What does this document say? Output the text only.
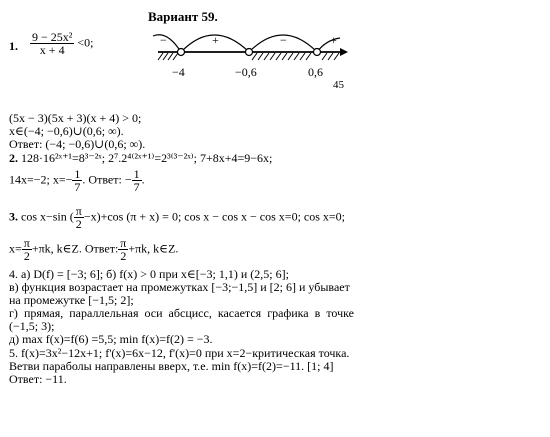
Вариант 59.
1. $\frac{\text{9 − 25x²}}{x + 4} <0$;	−	+	−	+
−4	−0,6	0,6
45
(5x − 3)(5x + 3)(x + 4) > 0;
x∈(−4; −0,6)∪(0,6; ∞).
Ответ: (−4; −0,6)∪(0,6; ∞).
2. 128·16²ˣ⁺¹=8³⁻²ˣ; 2⁷.2⁴⁽²ˣ⁺¹⁾=2³⁽³⁻²ˣ⁾; 7+8x+4=9−6x;
14x=−2; $x=- \frac{1}{7}$ . Ответ: − $\frac{1}{7}$ .
3. cos x−sin ( $\frac{\pi}{2} -x)+\cos$ (π + x) = 0; cos x − cos x − cos x=0; cos x=0;
$x= \frac{\pi}{2} +\pi k$, k∈Z. Ответ: $\frac{\pi}{2} +\pi k$, k∈Z.
4. а) D(f) = [−3; 6]; б) f(x) > 0 при x∈[−3; 1,1) и (2,5; 6];
в) функция возрастает на промежутках [−3;−1,5] и [2; 6] и убывает
на промежутке [−1,5; 2];
г) прямая, параллельная оси абсцисс, касается графика в точке
(−1,5; 3);
д) max f(x)=f(6) =5,5; min f(x)=f(2) = −3.
5. f(x)=3x²−12x+1; f'(x)=6x−12, f'(x)=0 при x=2−критическая точка.
Ветви параболы направлены вверх, т.е. min f(x)=f(2)=−11. [1; 4]
Ответ: −11.
